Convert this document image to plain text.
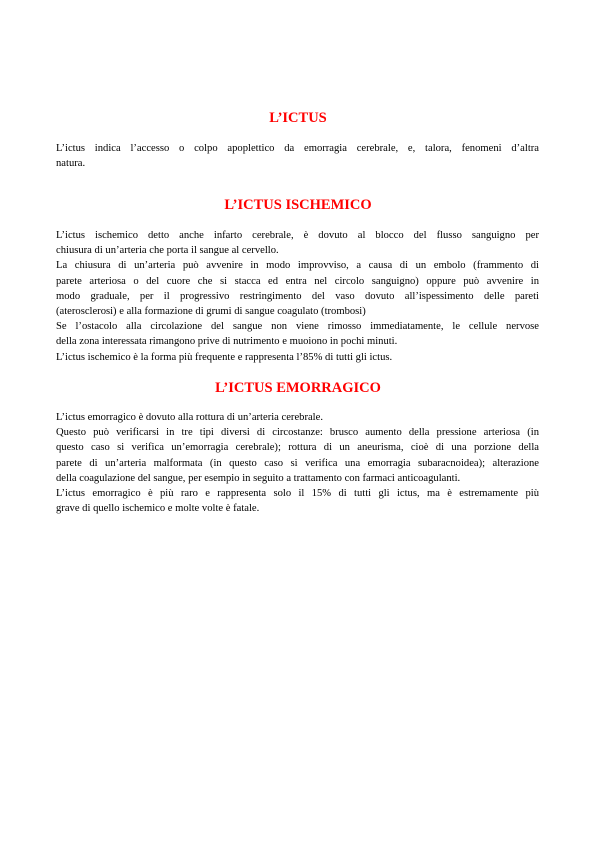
L’ICTUS
L’ictus indica l’accesso o colpo apoplettico da emorragia cerebrale, e, talora, fenomeni d’altra
natura.
L’ICTUS ISCHEMICO
L’ictus ischemico detto anche infarto cerebrale, è dovuto al blocco del flusso sanguigno per
chiusura di un’arteria che porta il sangue al cervello.
La chiusura di un’arteria può avvenire in modo improvviso, a causa di un embolo (frammento di
parete arteriosa o del cuore che si stacca ed entra nel circolo sanguigno) oppure può avvenire in
modo graduale, per il progressivo restringimento del vaso dovuto all’ispessimento delle pareti
(aterosclerosi) e alla formazione di grumi di sangue coagulato (trombosi)
Se l’ostacolo alla circolazione del sangue non viene rimosso immediatamente, le cellule nervose
della zona interessata rimangono prive di nutrimento e muoiono in pochi minuti.
L’ictus ischemico è la forma più frequente e rappresenta l’85% di tutti gli ictus.
L’ICTUS EMORRAGICO
L’ictus emorragico è dovuto alla rottura di un’arteria cerebrale.
Questo può verificarsi in tre tipi diversi di circostanze: brusco aumento della pressione arteriosa (in
questo caso si verifica un’emorragia cerebrale); rottura di un aneurisma, cioè di una porzione della
parete di un’arteria malformata (in questo caso si verifica una emorragia subaracnoidea); alterazione
della coagulazione del sangue, per esempio in seguito a trattamento con farmaci anticoagulanti.
L’ictus emorragico è più raro e rappresenta solo il 15% di tutti gli ictus, ma è estremamente più
grave di quello ischemico e molte volte è fatale.
